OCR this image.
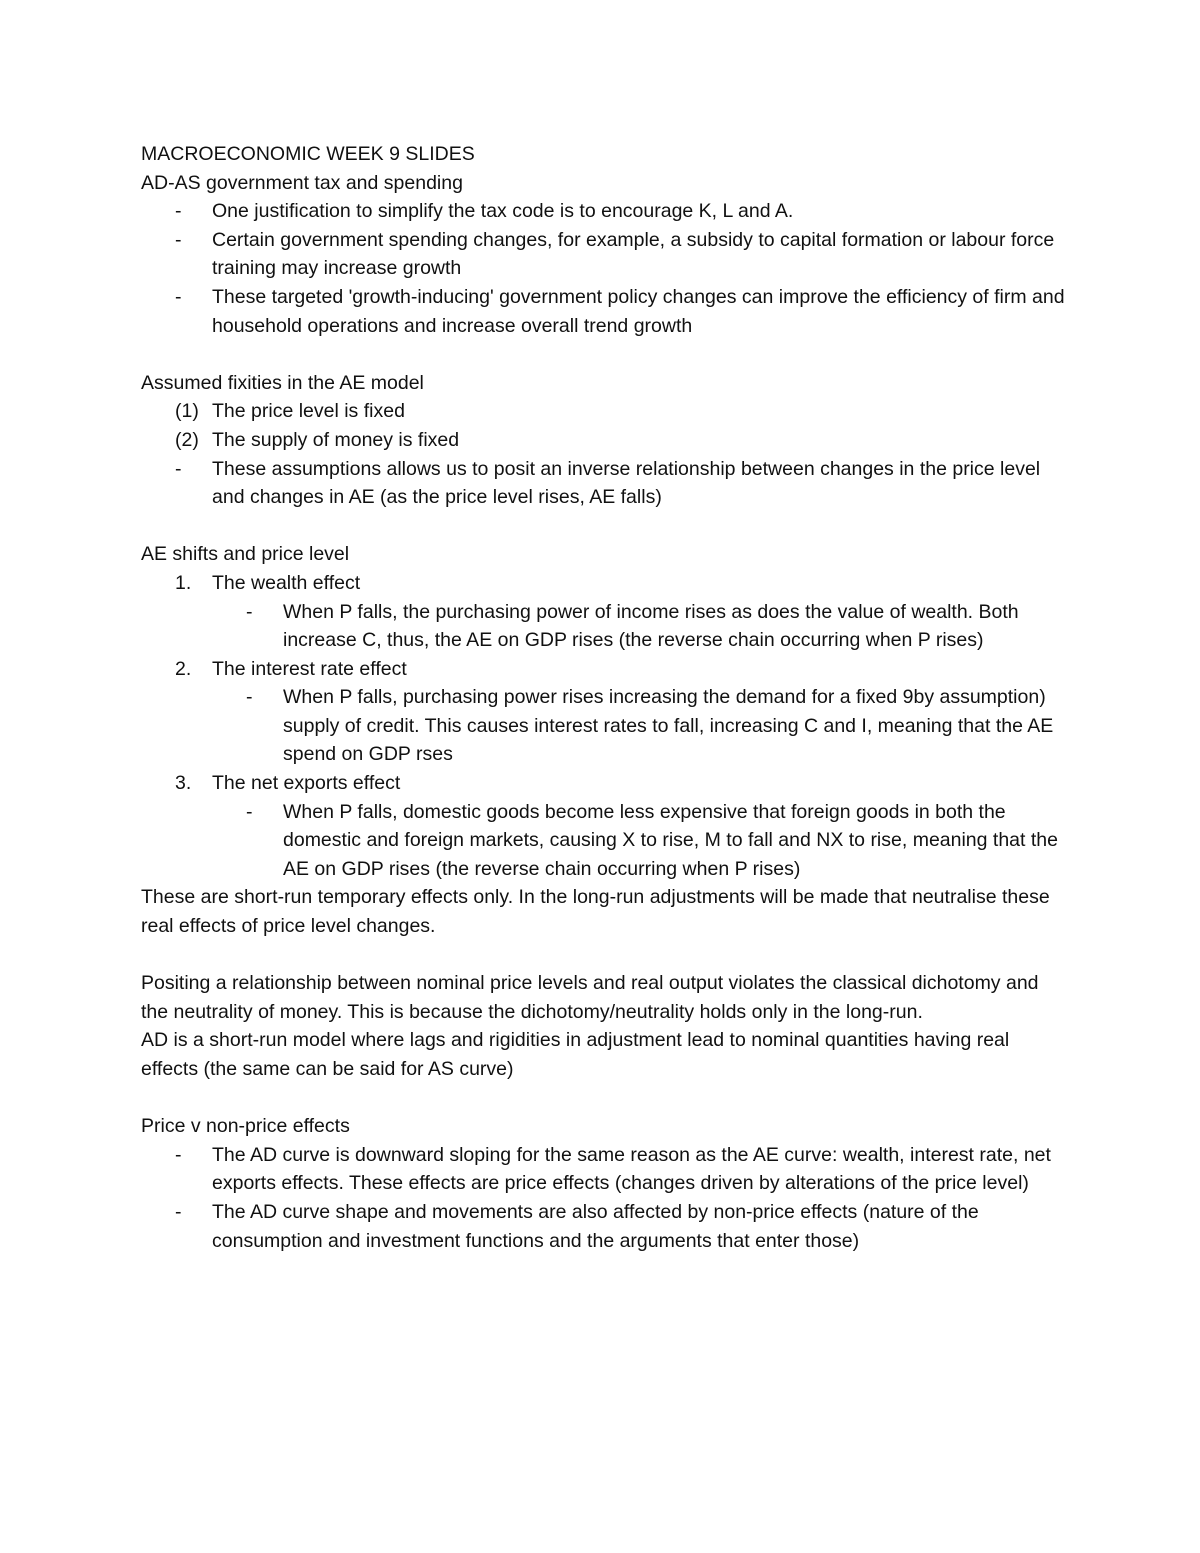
MACROECONOMIC WEEK 9 SLIDES

AD-AS government tax and spending

- One justification to simplify the tax code is to encourage K, L and A.
- Certain government spending changes, for example, a subsidy to capital formation or labour force training may increase growth
- These targeted 'growth-inducing' government policy changes can improve the efficiency of firm and household operations and increase overall trend growth

Assumed fixities in the AE model

(1) The price level is fixed
(2) The supply of money is fixed
- These assumptions allows us to posit an inverse relationship between changes in the price level and changes in AE (as the price level rises, AE falls)

AE shifts and price level

1. The wealth effect
- When P falls, the purchasing power of income rises as does the value of wealth. Both increase C, thus, the AE on GDP rises (the reverse chain occurring when P rises)
2. The interest rate effect
- When P falls, purchasing power rises increasing the demand for a fixed 9by assumption) supply of credit. This causes interest rates to fall, increasing C and I, meaning that the AE spend on GDP rses
3. The net exports effect
- When P falls, domestic goods become less expensive that foreign goods in both the domestic and foreign markets, causing X to rise, M to fall and NX to rise, meaning that the AE on GDP rises (the reverse chain occurring when P rises)

These are short-run temporary effects only. In the long-run adjustments will be made that neutralise these real effects of price level changes.

Positing a relationship between nominal price levels and real output violates the classical dichotomy and the neutrality of money. This is because the dichotomy/neutrality holds only in the long-run.

AD is a short-run model where lags and rigidities in adjustment lead to nominal quantities having real effects (the same can be said for AS curve)

Price v non-price effects

- The AD curve is downward sloping for the same reason as the AE curve: wealth, interest rate, net exports effects. These effects are price effects (changes driven by alterations of the price level)
- The AD curve shape and movements are also affected by non-price effects (nature of the consumption and investment functions and the arguments that enter those)
